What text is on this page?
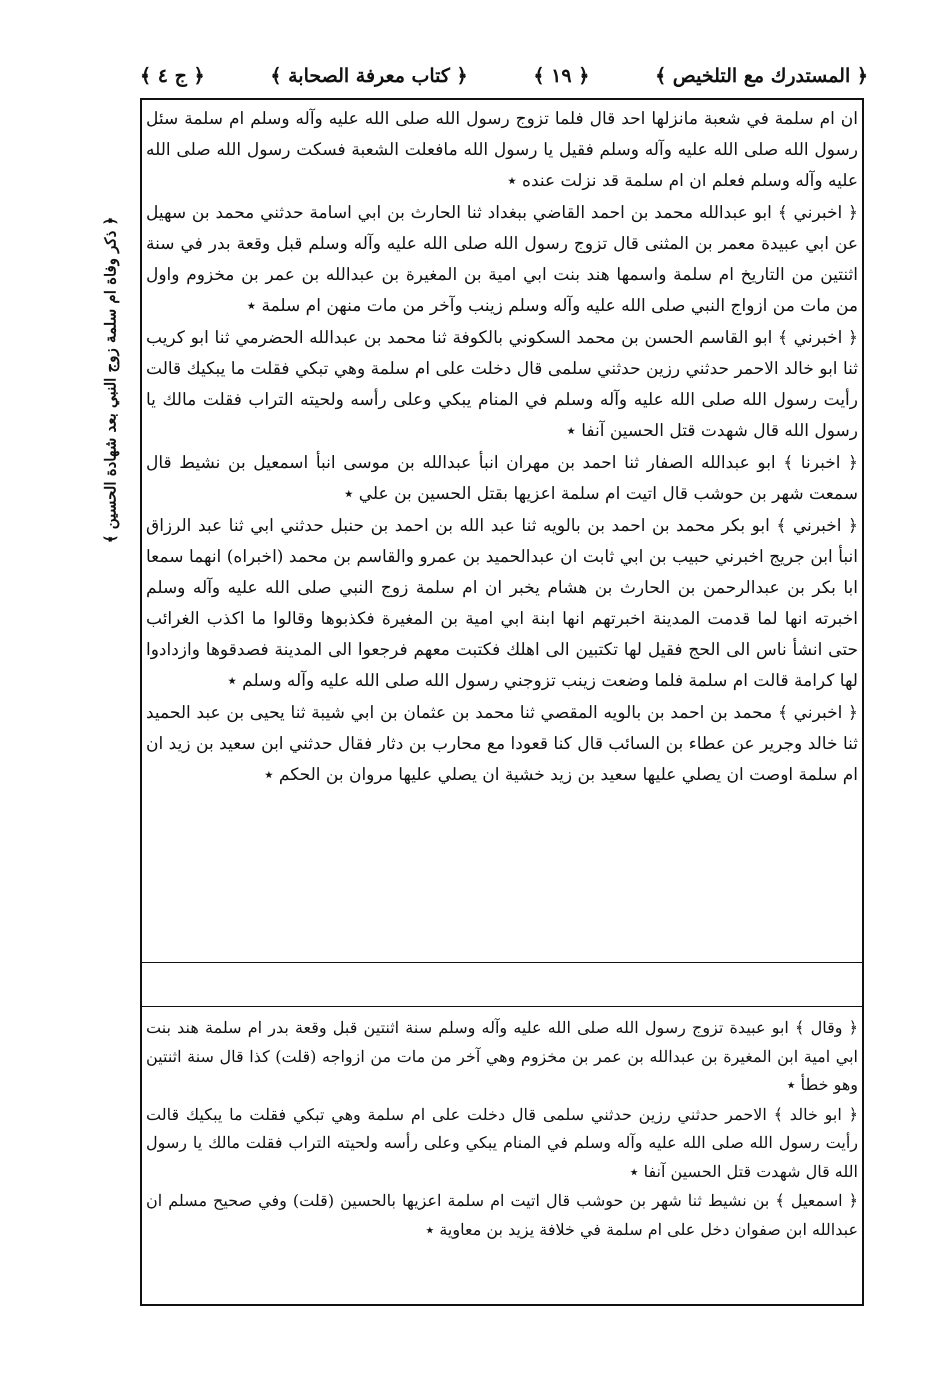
﴿ المستدرك مع التلخيص ﴾
﴿ ١٩ ﴾
﴿ كتاب معرفة الصحابة ﴾
﴿ ج ٤ ﴾
﴿ ذكر وفاة ام سلمة زوج النبي بعد شهادة الحسين ﴾

ان ام سلمة في شعبة مانزلها احد قال فلما تزوج رسول الله صلى الله عليه وآله وسلم ام سلمة سئل رسول الله صلى الله عليه وآله وسلم فقيل يا رسول الله مافعلت الشعبة فسكت رسول الله صلى الله عليه وآله وسلم فعلم ان ام سلمة قد نزلت عنده ٭

﴿ اخبرني ﴾ ابو عبدالله محمد بن احمد القاضي ببغداد ثنا الحارث بن ابي اسامة حدثني محمد بن سهيل عن ابي عبيدة معمر بن المثنى قال تزوج رسول الله صلى الله عليه وآله وسلم قبل وقعة بدر في سنة اثنتين من التاريخ ام سلمة واسمها هند بنت ابي امية بن المغيرة بن عبدالله بن عمر بن مخزوم واول من مات من ازواج النبي صلى الله عليه وآله وسلم زينب وآخر من مات منهن ام سلمة ٭

﴿ اخبرني ﴾ ابو القاسم الحسن بن محمد السكوني بالكوفة ثنا محمد بن عبدالله الحضرمي ثنا ابو كريب ثنا ابو خالد الاحمر حدثني رزين حدثني سلمى قال دخلت على ام سلمة وهي تبكي فقلت ما يبكيك قالت رأيت رسول الله صلى الله عليه وآله وسلم في المنام يبكي وعلى رأسه ولحيته التراب فقلت مالك يا رسول الله قال شهدت قتل الحسين آنفا ٭

﴿ اخبرنا ﴾ ابو عبدالله الصفار ثنا احمد بن مهران انبأ عبدالله بن موسى انبأ اسمعيل بن نشيط قال سمعت شهر بن حوشب قال اتيت ام سلمة اعزيها بقتل الحسين بن علي ٭

﴿ اخبرني ﴾ ابو بكر محمد بن احمد بن بالويه ثنا عبد الله بن احمد بن حنبل حدثني ابي ثنا عبد الرزاق انبأ ابن جريج اخبرني حبيب بن ابي ثابت ان عبدالحميد بن عمرو والقاسم بن محمد (اخبراه) انهما سمعا ابا بكر بن عبدالرحمن بن الحارث بن هشام يخبر ان ام سلمة زوج النبي صلى الله عليه وآله وسلم اخبرته انها لما قدمت المدينة اخبرتهم انها ابنة ابي امية بن المغيرة فكذبوها وقالوا ما اكذب الغرائب حتى انشأ ناس الى الحج فقيل لها تكتبين الى اهلك فكتبت معهم فرجعوا الى المدينة فصدقوها وازدادوا لها كرامة قالت ام سلمة فلما وضعت زينب تزوجني رسول الله صلى الله عليه وآله وسلم ٭

﴿ اخبرني ﴾ محمد بن احمد بن بالويه المقصي ثنا محمد بن عثمان بن ابي شيبة ثنا يحيى بن عبد الحميد ثنا خالد وجرير عن عطاء بن السائب قال كنا قعودا مع محارب بن دثار فقال حدثني ابن سعيد بن زيد ان ام سلمة اوصت ان يصلي عليها سعيد بن زيد خشية ان يصلي عليها مروان بن الحكم ٭

﴿ وقال ﴾ ابو عبيدة تزوج رسول الله صلى الله عليه وآله وسلم سنة اثنتين قبل وقعة بدر ام سلمة هند بنت ابي امية ابن المغيرة بن عبدالله بن عمر بن مخزوم وهي آخر من مات من ازواجه (قلت) كذا قال سنة اثنتين وهو خطأ ٭

﴿ ابو خالد ﴾ الاحمر حدثني رزين حدثني سلمى قال دخلت على ام سلمة وهي تبكي فقلت ما يبكيك قالت رأيت رسول الله صلى الله عليه وآله وسلم في المنام يبكي وعلى رأسه ولحيته التراب فقلت مالك يا رسول الله قال شهدت قتل الحسين آنفا ٭

﴿ اسمعيل ﴾ بن نشيط ثنا شهر بن حوشب قال اتيت ام سلمة اعزيها بالحسين (قلت) وفي صحيح مسلم ان عبدالله ابن صفوان دخل على ام سلمة في خلافة يزيد بن معاوية ٭
